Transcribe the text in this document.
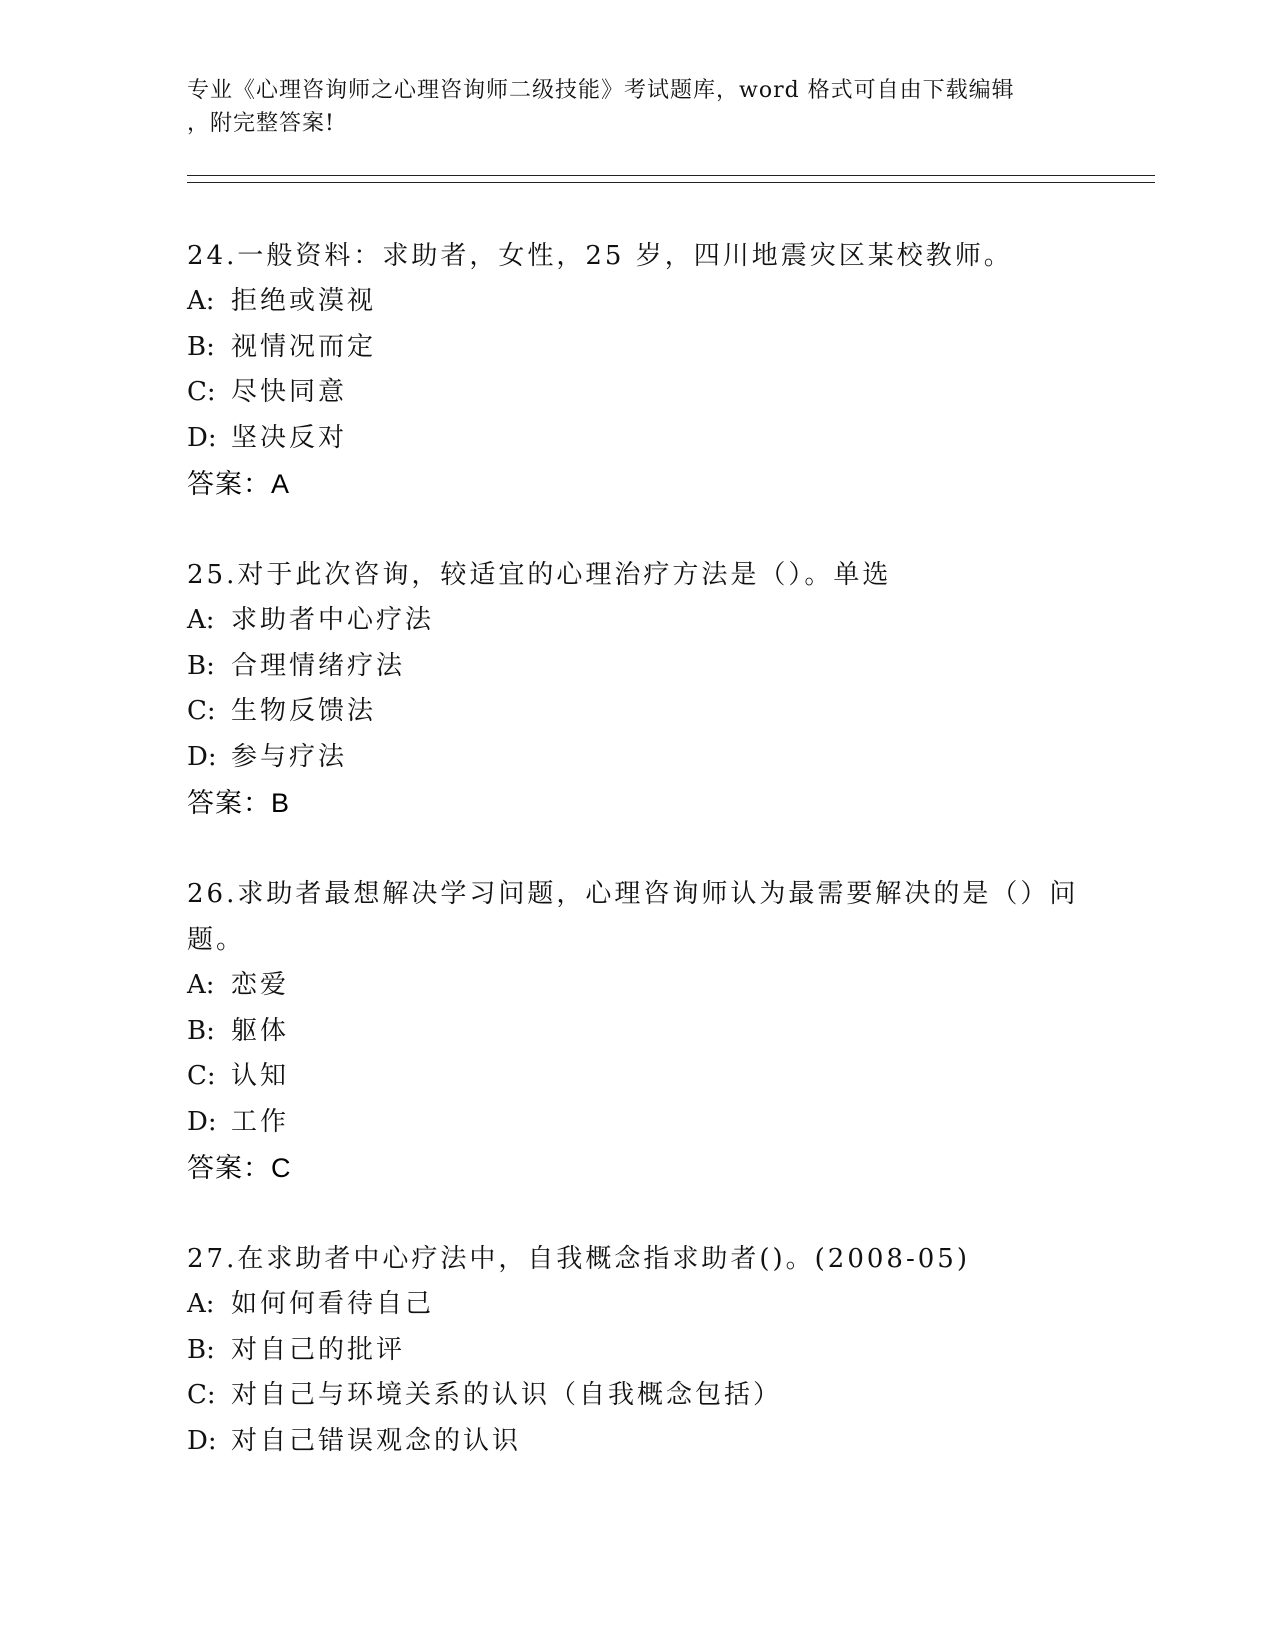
专业《心理咨询师之心理咨询师二级技能》考试题库，word 格式可自由下载编辑
，附完整答案!
24.一般资料：求助者，女性，25 岁，四川地震灾区某校教师。
A: 拒绝或漠视
B: 视情况而定
C: 尽快同意
D: 坚决反对
答案：A
25.对于此次咨询，较适宜的心理治疗方法是（）。单选
A: 求助者中心疗法
B: 合理情绪疗法
C: 生物反馈法
D: 参与疗法
答案：B
26.求助者最想解决学习问题，心理咨询师认为最需要解决的是（）问题。
A: 恋爱
B: 躯体
C: 认知
D: 工作
答案：C
27.在求助者中心疗法中，自我概念指求助者()。(2008-05)
A: 如何何看待自己
B: 对自己的批评
C: 对自己与环境关系的认识（自我概念包括）
D: 对自己错误观念的认识
